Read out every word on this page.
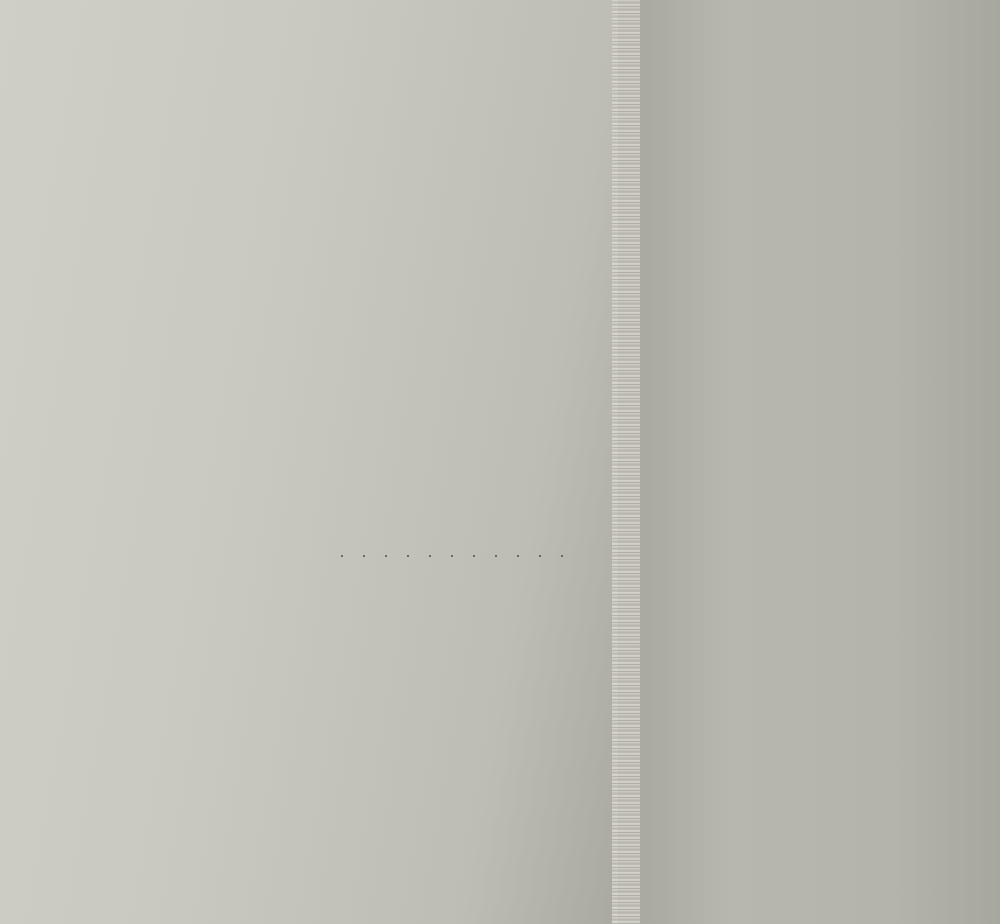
. . . . . . . . . . .
